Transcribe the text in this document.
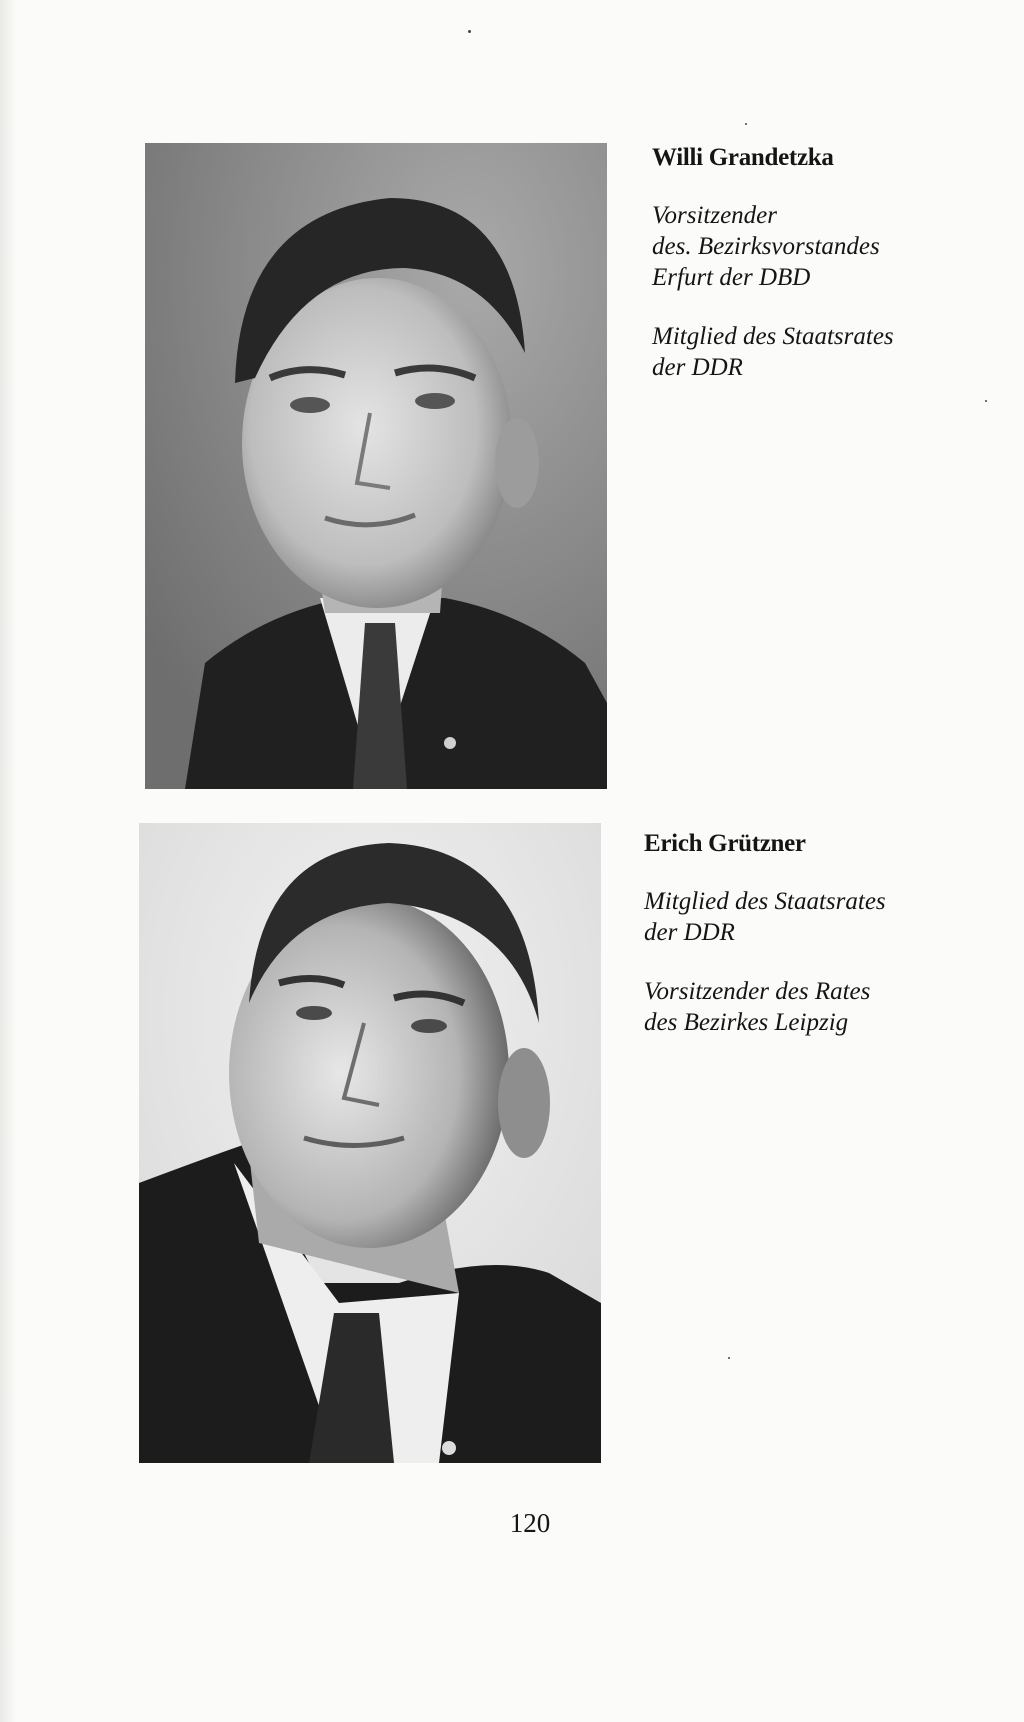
Willi Grandetzka

Vorsitzender
des. Bezirksvorstandes
Erfurt der DBD

Mitglied des Staatsrates
der DDR

Erich Grützner

Mitglied des Staatsrates
der DDR

Vorsitzender des Rates
des Bezirkes Leipzig

120
